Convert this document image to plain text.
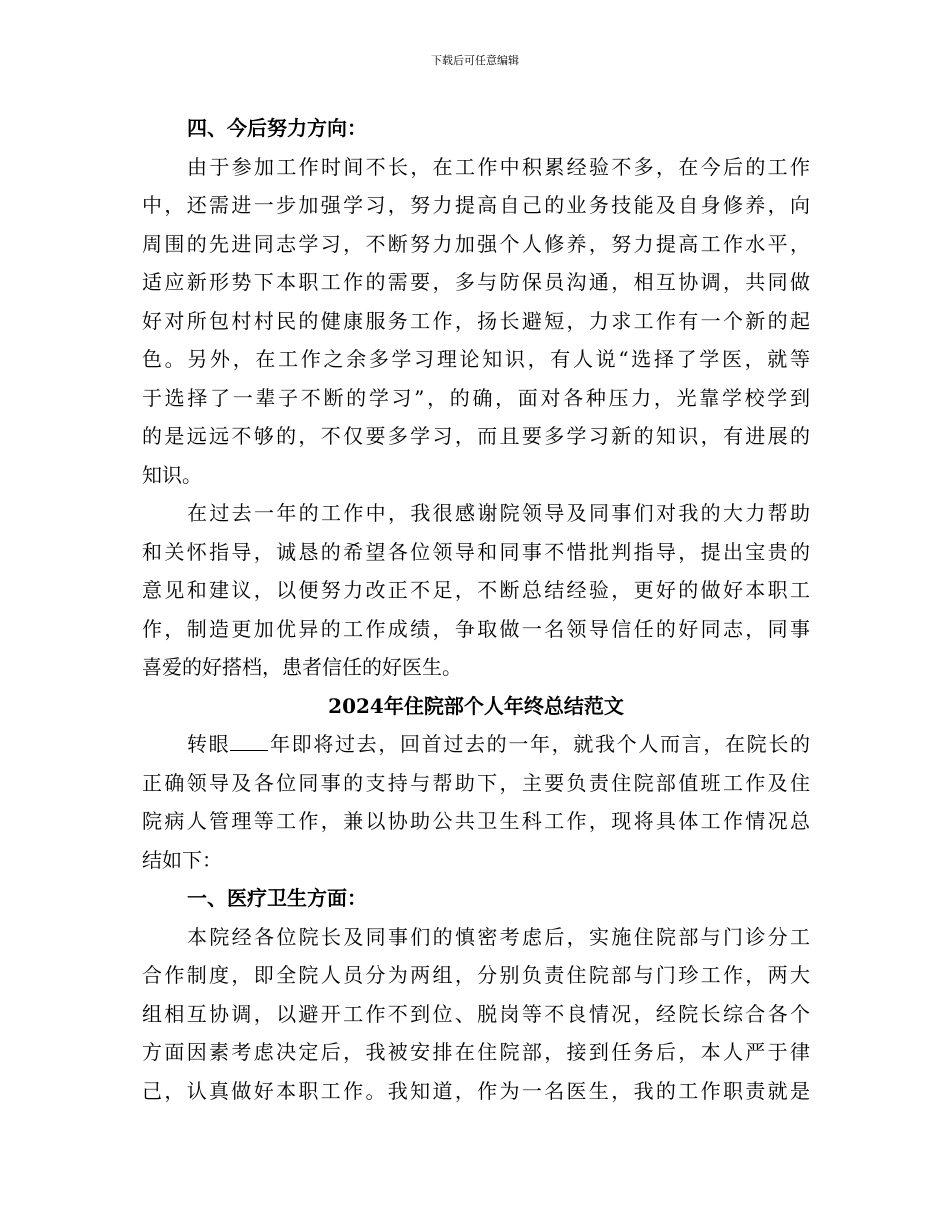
下载后可任意编辑
四、今后努力方向：
由于参加工作时间不长，在工作中积累经验不多，在今后的工作
中，还需进一步加强学习，努力提高自己的业务技能及自身修养，向
周围的先进同志学习，不断努力加强个人修养，努力提高工作水平，
适应新形势下本职工作的需要，多与防保员沟通，相互协调，共同做
好对所包村村民的健康服务工作，扬长避短，力求工作有一个新的起
色。另外，在工作之余多学习理论知识，有人说“选择了学医，就等
于选择了一辈子不断的学习”，的确，面对各种压力，光靠学校学到
的是远远不够的，不仅要多学习，而且要多学习新的知识，有进展的
知识。
在过去一年的工作中，我很感谢院领导及同事们对我的大力帮助
和关怀指导，诚恳的希望各位领导和同事不惜批判指导，提出宝贵的
意见和建议，以便努力改正不足，不断总结经验，更好的做好本职工
作，制造更加优异的工作成绩，争取做一名领导信任的好同志，同事
喜爱的好搭档，患者信任的好医生。
2024年住院部个人年终总结范文
转眼 年即将过去，回首过去的一年，就我个人而言，在院长的
正确领导及各位同事的支持与帮助下，主要负责住院部值班工作及住
院病人管理等工作，兼以协助公共卫生科工作，现将具体工作情况总
结如下：
一、医疗卫生方面：
本院经各位院长及同事们的慎密考虑后，实施住院部与门诊分工
合作制度，即全院人员分为两组，分别负责住院部与门珍工作，两大
组相互协调，以避开工作不到位、脱岗等不良情况，经院长综合各个
方面因素考虑决定后，我被安排在住院部，接到任务后，本人严于律
己，认真做好本职工作。我知道，作为一名医生，我的工作职责就是
